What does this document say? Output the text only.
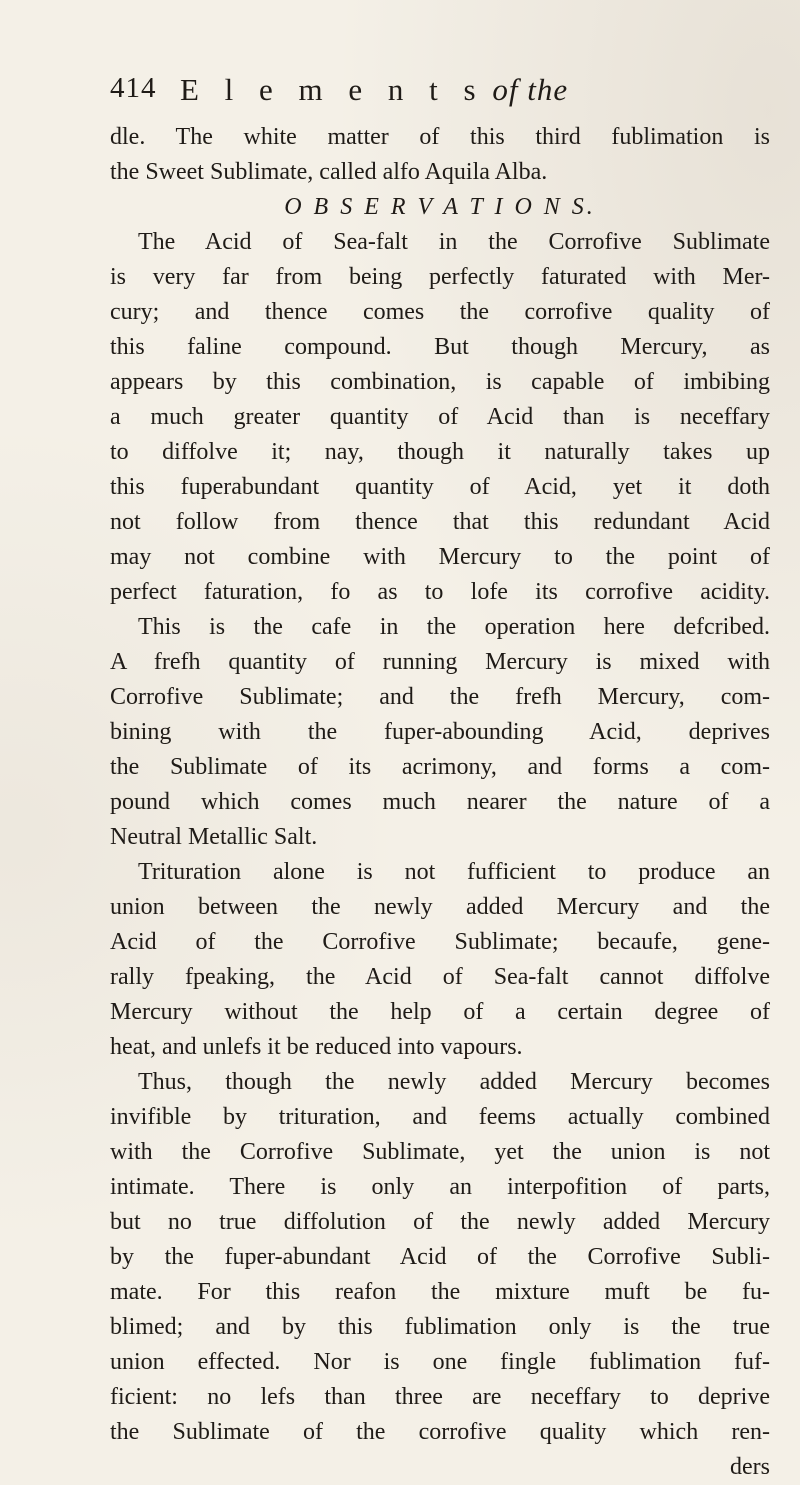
414 E l e m e n t s of the
dle. The white matter of this third fublimation is
the Sweet Sublimate, called alfo Aquila Alba.
O B S E R V A T I O N S.
The Acid of Sea-falt in the Corrofive Sublimate
is very far from being perfectly faturated with Mer-
cury; and thence comes the corrofive quality of
this faline compound. But though Mercury, as
appears by this combination, is capable of imbibing
a much greater quantity of Acid than is neceffary
to diffolve it; nay, though it naturally takes up
this fuperabundant quantity of Acid, yet it doth
not follow from thence that this redundant Acid
may not combine with Mercury to the point of
perfect faturation, fo as to lofe its corrofive acidity.
This is the cafe in the operation here defcribed.
A frefh quantity of running Mercury is mixed with
Corrofive Sublimate; and the frefh Mercury, com-
bining with the fuper-abounding Acid, deprives
the Sublimate of its acrimony, and forms a com-
pound which comes much nearer the nature of a
Neutral Metallic Salt.
Trituration alone is not fufficient to produce an
union between the newly added Mercury and the
Acid of the Corrofive Sublimate; becaufe, gene-
rally fpeaking, the Acid of Sea-falt cannot diffolve
Mercury without the help of a certain degree of
heat, and unlefs it be reduced into vapours.
Thus, though the newly added Mercury becomes
invifible by trituration, and feems actually combined
with the Corrofive Sublimate, yet the union is not
intimate. There is only an interpofition of parts,
but no true diffolution of the newly added Mercury
by the fuper-abundant Acid of the Corrofive Subli-
mate. For this reafon the mixture muft be fu-
blimed; and by this fublimation only is the true
union effected. Nor is one fingle fublimation fuf-
ficient: no lefs than three are neceffary to deprive
the Sublimate of the corrofive quality which ren-
ders
